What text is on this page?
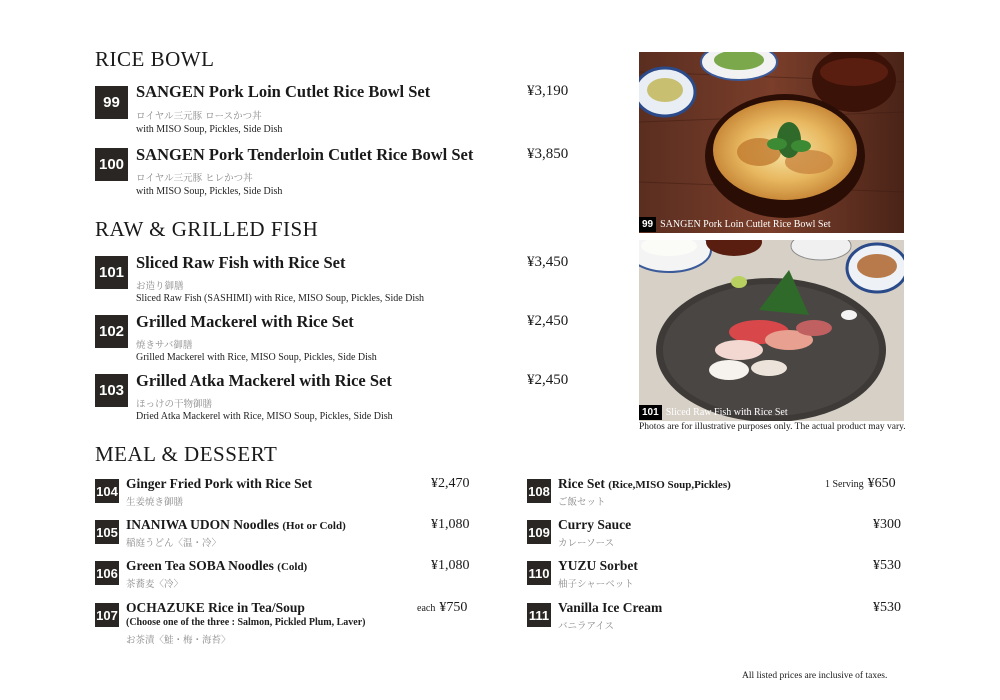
RICE BOWL
99
SANGEN Pork Loin Cutlet Rice Bowl Set
ロイヤル三元豚 ロースかつ丼
with MISO Soup, Pickles, Side Dish
¥3,190
100
SANGEN Pork Tenderloin Cutlet Rice Bowl Set
ロイヤル三元豚 ヒレかつ丼
with MISO Soup, Pickles, Side Dish
¥3,850
RAW & GRILLED FISH
101
Sliced Raw Fish with Rice Set
お造り御膳
Sliced Raw Fish (SASHIMI) with Rice, MISO Soup, Pickles, Side Dish
¥3,450
102
Grilled Mackerel with Rice Set
焼きサバ御膳
Grilled Mackerel with Rice, MISO Soup, Pickles, Side Dish
¥2,450
103
Grilled Atka Mackerel with Rice Set
ほっけの干物御膳
Dried Atka Mackerel with Rice, MISO Soup, Pickles, Side Dish
¥2,450
99 SANGEN Pork Loin Cutlet Rice Bowl Set
101 Sliced Raw Fish with Rice Set
Photos are for illustrative purposes only. The actual product may vary.
MEAL & DESSERT
104 Ginger Fried Pork with Rice Set
生姜焼き御膳
¥2,470
105 INANIWA UDON Noodles (Hot or Cold)
稲庭うどん〈温・冷〉
¥1,080
106 Green Tea SOBA Noodles (Cold)
茶蕎麦〈冷〉
¥1,080
107 OCHAZUKE Rice in Tea/Soup
(Choose one of the three : Salmon, Pickled Plum, Laver)
お茶漬〈鮭・梅・海苔〉
each ¥750
108 Rice Set (Rice,MISO Soup,Pickles)
ご飯セット
1 Serving ¥650
109 Curry Sauce
カレーソース
¥300
110 YUZU Sorbet
柚子シャーベット
¥530
111 Vanilla Ice Cream
バニラアイス
¥530
All listed prices are inclusive of taxes.
